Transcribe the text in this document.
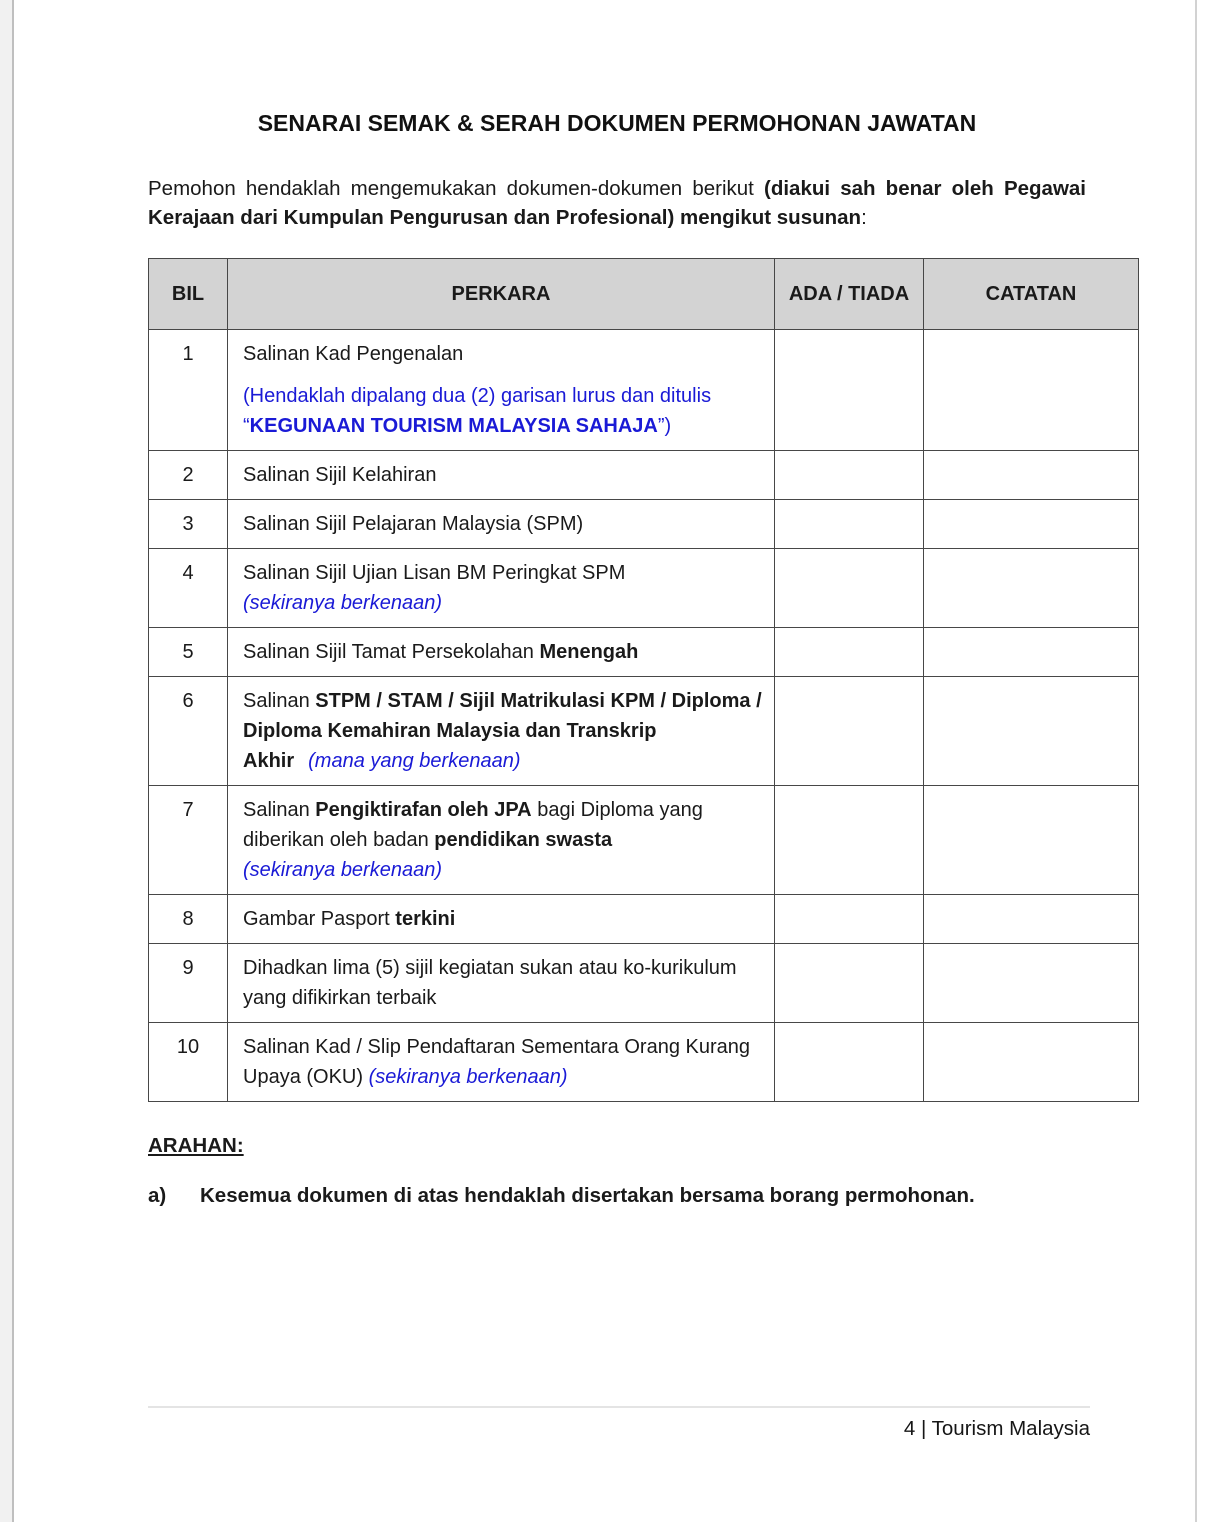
SENARAI SEMAK & SERAH DOKUMEN PERMOHONAN JAWATAN

Pemohon hendaklah mengemukakan dokumen-dokumen berikut (diakui sah benar oleh Pegawai Kerajaan dari Kumpulan Pengurusan dan Profesional) mengikut susunan:

BIL	PERKARA	ADA / TIADA	CATATAN
1	Salinan Kad Pengenalan
(Hendaklah dipalang dua (2) garisan lurus dan ditulis “KEGUNAAN TOURISM MALAYSIA SAHAJA”)		

2	Salinan Sijil Kelahiran		

3	Salinan Sijil Pelajaran Malaysia (SPM)		

4	Salinan Sijil Ujian Lisan BM Peringkat SPM
(sekiranya berkenaan)		

5	Salinan Sijil Tamat Persekolahan Menengah		

6	Salinan STPM / STAM / Sijil Matrikulasi KPM / Diploma / Diploma Kemahiran Malaysia dan Transkrip Akhir (mana yang berkenaan)		

7	Salinan Pengiktirafan oleh JPA bagi Diploma yang diberikan oleh badan pendidikan swasta
(sekiranya berkenaan)		

8	Gambar Pasport terkini		

9	Dihadkan lima (5) sijil kegiatan sukan atau ko-kurikulum yang difikirkan terbaik		

10	Salinan Kad / Slip Pendaftaran Sementara Orang Kurang Upaya (OKU) (sekiranya berkenaan)		

ARAHAN:
a)	Kesemua dokumen di atas hendaklah disertakan bersama borang permohonan.
4 | Tourism Malaysia
